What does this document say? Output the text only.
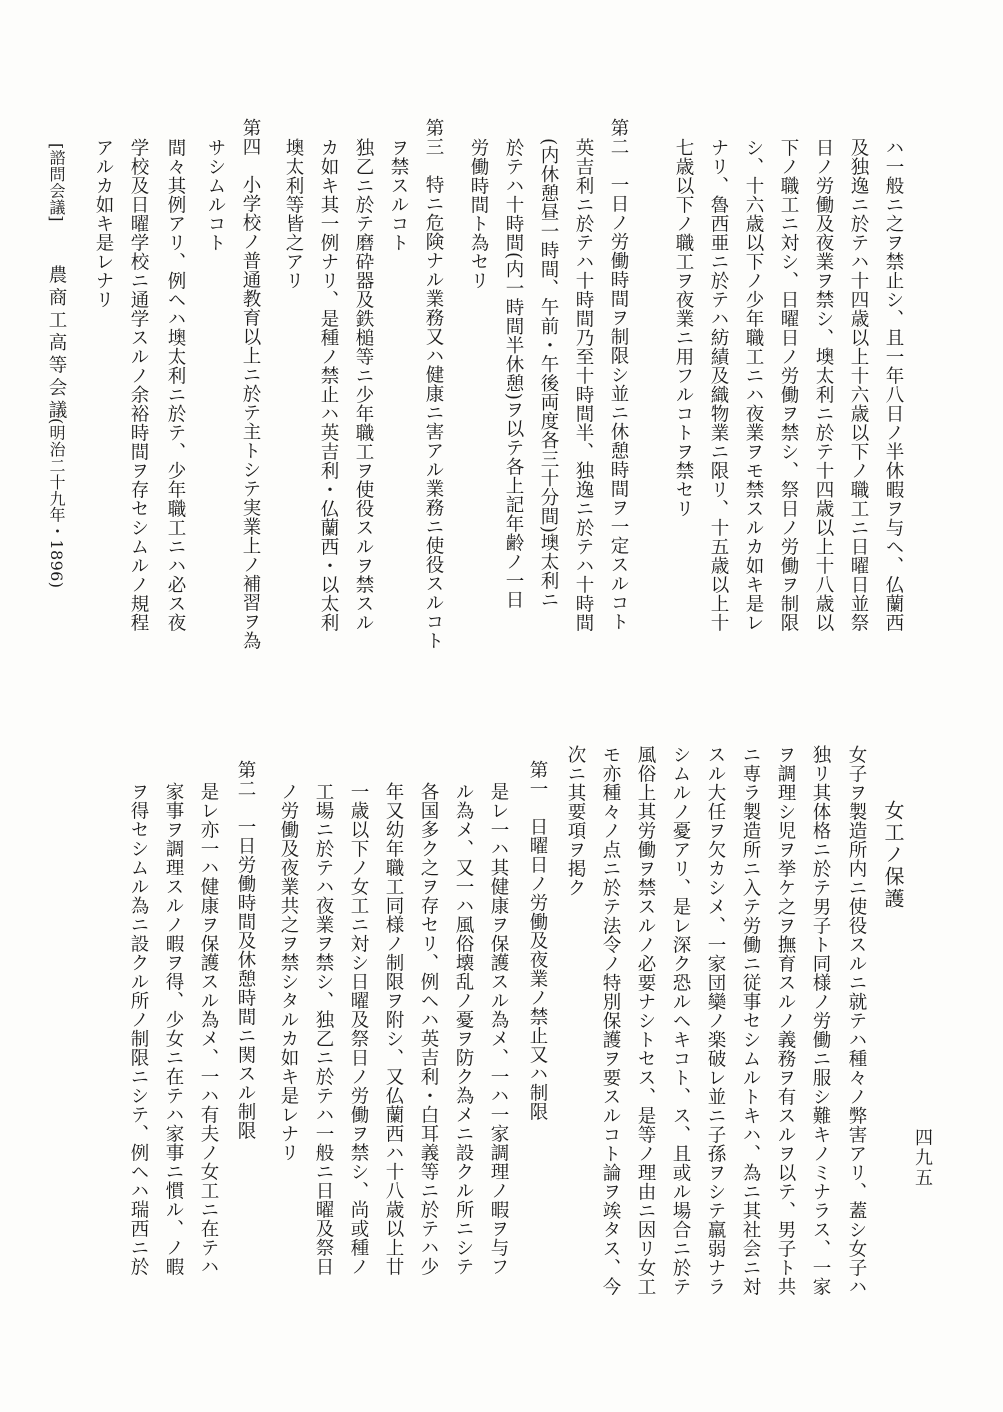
ハ一般ニ之ヲ禁止シ、且一年八日ノ半休暇ヲ与ヘ、仏蘭西
及独逸ニ於テハ十四歳以上十六歳以下ノ職工ニ日曜日並祭
日ノ労働及夜業ヲ禁シ、墺太利ニ於テ十四歳以上十八歳以
下ノ職工ニ対シ、日曜日ノ労働ヲ禁シ、祭日ノ労働ヲ制限
シ、十六歳以下ノ少年職工ニハ夜業ヲモ禁スルカ如キ是レ
ナリ、魯西亜ニ於テハ紡績及織物業ニ限リ、十五歳以上十
七歳以下ノ職工ヲ夜業ニ用フルコトヲ禁セリ
第二　一日ノ労働時間ヲ制限シ並ニ休憩時間ヲ一定スルコト
英吉利ニ於テハ十時間乃至十時間半、独逸ニ於テハ十時間
(内休憩昼一時間、午前・午後両度各三十分間)墺太利ニ
於テハ十時間(内一時間半休憩)ヲ以テ各上記年齢ノ一日
労働時間ト為セリ
第三　特ニ危険ナル業務又ハ健康ニ害アル業務ニ使役スルコト
ヲ禁スルコト
独乙ニ於テ磨砕器及鉄槌等ニ少年職工ヲ使役スルヲ禁スル
カ如キ其一例ナリ、是種ノ禁止ハ英吉利・仏蘭西・以太利
墺太利等皆之アリ
第四　小学校ノ普通教育以上ニ於テ主トシテ実業上ノ補習ヲ為
サシムルコト
間々其例アリ、例ヘハ墺太利ニ於テ、少年職工ニハ必ス夜
学校及日曜学校ニ通学スルノ余裕時間ヲ存セシムルノ規程
アルカ如キ是レナリ
[諮問会議]
農商工高等会議
(明治二十九年・1896)
女工ノ保護
女子ヲ製造所内ニ使役スルニ就テハ種々ノ弊害アリ、蓋シ女子ハ
独リ其体格ニ於テ男子ト同様ノ労働ニ服シ難キノミナラス、一家
ヲ調理シ児ヲ挙ケ之ヲ撫育スルノ義務ヲ有スルヲ以テ、男子ト共
ニ専ラ製造所ニ入テ労働ニ従事セシムルトキハ、為ニ其社会ニ対
スル大任ヲ欠カシメ、一家団欒ノ楽破レ並ニ子孫ヲシテ羸弱ナラ
シムルノ憂アリ、是レ深ク恐ルヘキコト、ス、且或ル場合ニ於テ
風俗上其労働ヲ禁スルノ必要ナシトセス、是等ノ理由ニ因リ女工
モ亦種々ノ点ニ於テ法令ノ特別保護ヲ要スルコト論ヲ竢タス、今
次ニ其要項ヲ掲ク
第一　日曜日ノ労働及夜業ノ禁止又ハ制限
是レ一ハ其健康ヲ保護スル為メ、一ハ一家調理ノ暇ヲ与フ
ル為メ、又一ハ風俗壊乱ノ憂ヲ防ク為メニ設クル所ニシテ
各国多ク之ヲ存セリ、例ヘハ英吉利・白耳義等ニ於テハ少
年又幼年職工同様ノ制限ヲ附シ、又仏蘭西ハ十八歳以上廿
一歳以下ノ女工ニ対シ日曜及祭日ノ労働ヲ禁シ、尚或種ノ
工場ニ於テハ夜業ヲ禁シ、独乙ニ於テハ一般ニ日曜及祭日
ノ労働及夜業共之ヲ禁シタルカ如キ是レナリ
第二　一日労働時間及休憩時間ニ関スル制限
是レ亦一ハ健康ヲ保護スル為メ、一ハ有夫ノ女工ニ在テハ
家事ヲ調理スルノ暇ヲ得、少女ニ在テハ家事ニ慣ル、ノ暇
ヲ得セシムル為ニ設クル所ノ制限ニシテ、例ヘハ瑞西ニ於	四九五
